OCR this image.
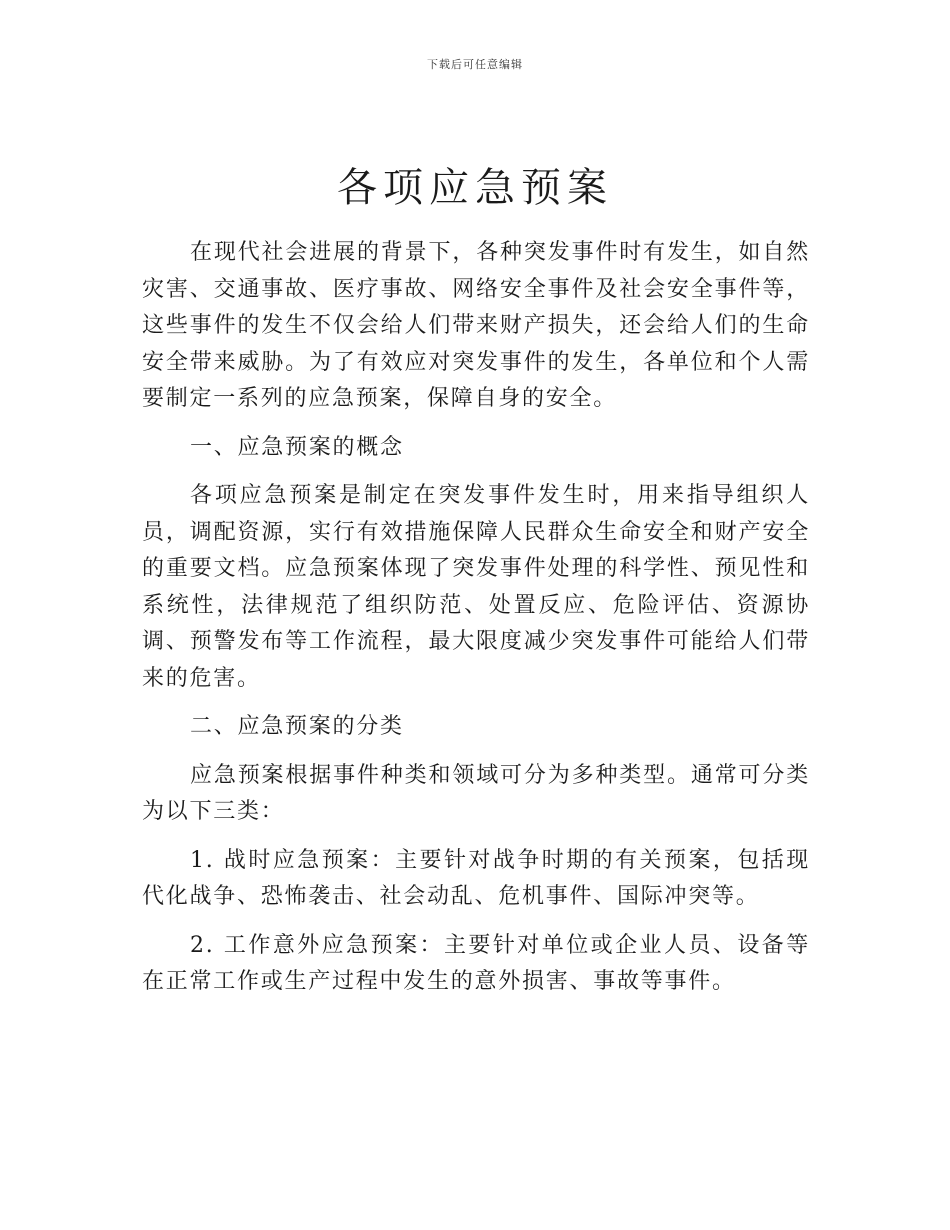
下载后可任意编辑
各项应急预案

在现代社会进展的背景下，各种突发事件时有发生，如自然灾害、交通事故、医疗事故、网络安全事件及社会安全事件等，这些事件的发生不仅会给人们带来财产损失，还会给人们的生命安全带来威胁。为了有效应对突发事件的发生，各单位和个人需要制定一系列的应急预案，保障自身的安全。

一、应急预案的概念

各项应急预案是制定在突发事件发生时，用来指导组织人员，调配资源，实行有效措施保障人民群众生命安全和财产安全的重要文档。应急预案体现了突发事件处理的科学性、预见性和系统性，法律规范了组织防范、处置反应、危险评估、资源协调、预警发布等工作流程，最大限度减少突发事件可能给人们带来的危害。

二、应急预案的分类

应急预案根据事件种类和领域可分为多种类型。通常可分类为以下三类：

1. 战时应急预案：主要针对战争时期的有关预案，包括现代化战争、恐怖袭击、社会动乱、危机事件、国际冲突等。

2. 工作意外应急预案：主要针对单位或企业人员、设备等在正常工作或生产过程中发生的意外损害、事故等事件。
